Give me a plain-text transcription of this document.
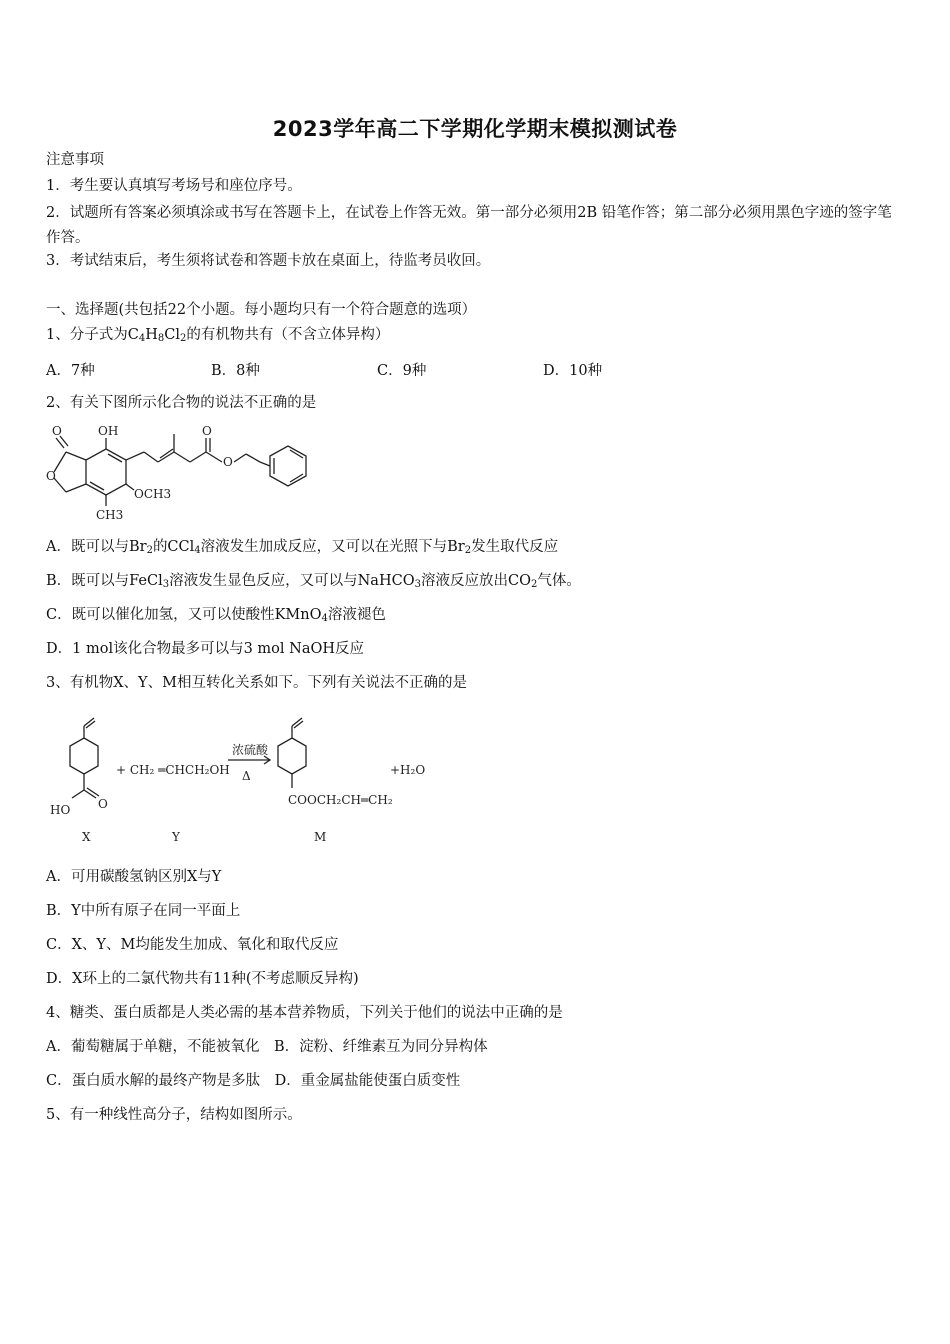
2023学年高二下学期化学期末模拟测试卷
注意事项
1．考生要认真填写考场号和座位序号。
2．试题所有答案必须填涂或书写在答题卡上，在试卷上作答无效。第一部分必须用2B 铅笔作答；第二部分必须用黑色字迹的签字笔作答。
3．考试结束后，考生须将试卷和答题卡放在桌面上，待监考员收回。
一、选择题(共包括22个小题。每小题均只有一个符合题意的选项）
1、分子式为$C_4H_8Cl_2$的有机物共有（不含立体异构）
A．7种	B．8种	C．9种	D．10种
2、有关下图所示化合物的说法不正确的是
OH
O
O
O
O
OCH3
CH3
A．既可以与$Br_2$的CCl$_4$溶液发生加成反应，又可以在光照下与$Br_2$发生取代反应
B．既可以与FeCl$_3$溶液发生显色反应，又可以与NaHCO$_3$溶液反应放出$CO_2$气体。
C．既可以催化加氢，又可以使酸性KMnO$_4$溶液褪色
D．1 mol该化合物最多可以与3 mol NaOH反应
3、有机物X、Y、M相互转化关系如下。下列有关说法不正确的是
HO O
+ CH₂ ═CHCH₂OH
浓硫酸
Δ	+H₂O
COOCH₂CH═CH₂
X	Y	M
A．可用碳酸氢钠区别X与Y
B．Y中所有原子在同一平面上
C．X、Y、M均能发生加成、氧化和取代反应
D．X环上的二氯代物共有11种(不考虑顺反异构)
4、糖类、蛋白质都是人类必需的基本营养物质，下列关于他们的说法中正确的是
A．葡萄糖属于单糖，不能被氧化　B．淀粉、纤维素互为同分异构体
C．蛋白质水解的最终产物是多肽　D．重金属盐能使蛋白质变性
5、有一种线性高分子，结构如图所示。
